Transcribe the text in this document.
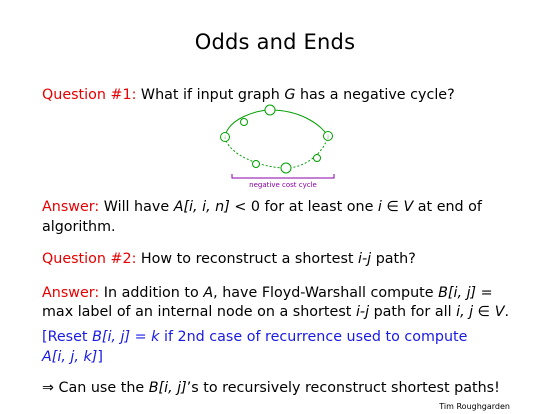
Odds and Ends
Question #1: What if input graph G has a negative cycle?
i	j
negative cost cycle
Answer: Will have A[i, i, n] < 0 for at least one i ∈ V at end of algorithm.
Question #2: How to reconstruct a shortest i-j path?
Answer: In addition to A, have Floyd-Warshall compute B[i, j] =
max label of an internal node on a shortest i-j path for all i, j ∈ V.
[Reset B[i, j] = k if 2nd case of recurrence used to compute A[i, j, k]]
⇒ Can use the B[i, j]’s to recursively reconstruct shortest paths!
Tim Roughgarden
